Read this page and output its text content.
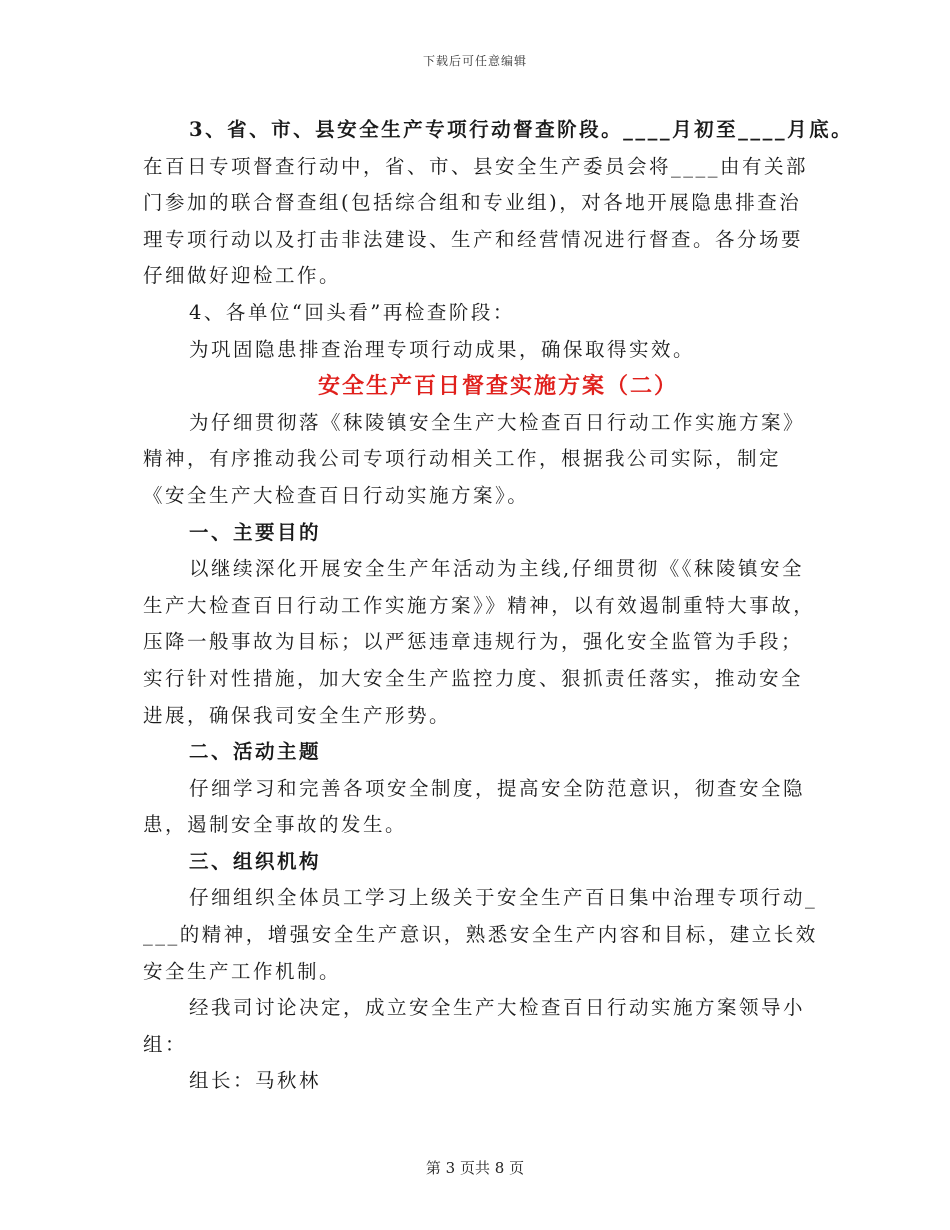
下载后可任意编辑
3、省、市、县安全生产专项行动督查阶段。____月初至____月底。
在百日专项督查行动中，省、市、县安全生产委员会将____由有关部
门参加的联合督查组(包括综合组和专业组)，对各地开展隐患排查治
理专项行动以及打击非法建设、生产和经营情况进行督查。各分场要
仔细做好迎检工作。
4、各单位“回头看”再检查阶段：
为巩固隐患排查治理专项行动成果，确保取得实效。
安全生产百日督查实施方案（二）
为仔细贯彻落《秣陵镇安全生产大检查百日行动工作实施方案》
精神，有序推动我公司专项行动相关工作，根据我公司实际，制定
《安全生产大检查百日行动实施方案》。
一、主要目的
以继续深化开展安全生产年活动为主线,仔细贯彻《《秣陵镇安全
生产大检查百日行动工作实施方案》》精神，以有效遏制重特大事故，
压降一般事故为目标；以严惩违章违规行为，强化安全监管为手段；
实行针对性措施，加大安全生产监控力度、狠抓责任落实，推动安全
进展，确保我司安全生产形势。
二、活动主题
仔细学习和完善各项安全制度，提高安全防范意识，彻查安全隐
患，遏制安全事故的发生。
三、组织机构
仔细组织全体员工学习上级关于安全生产百日集中治理专项行动_
___的精神，增强安全生产意识，熟悉安全生产内容和目标，建立长效
安全生产工作机制。
经我司讨论决定，成立安全生产大检查百日行动实施方案领导小
组：
组长：马秋林
第 3 页共 8 页
